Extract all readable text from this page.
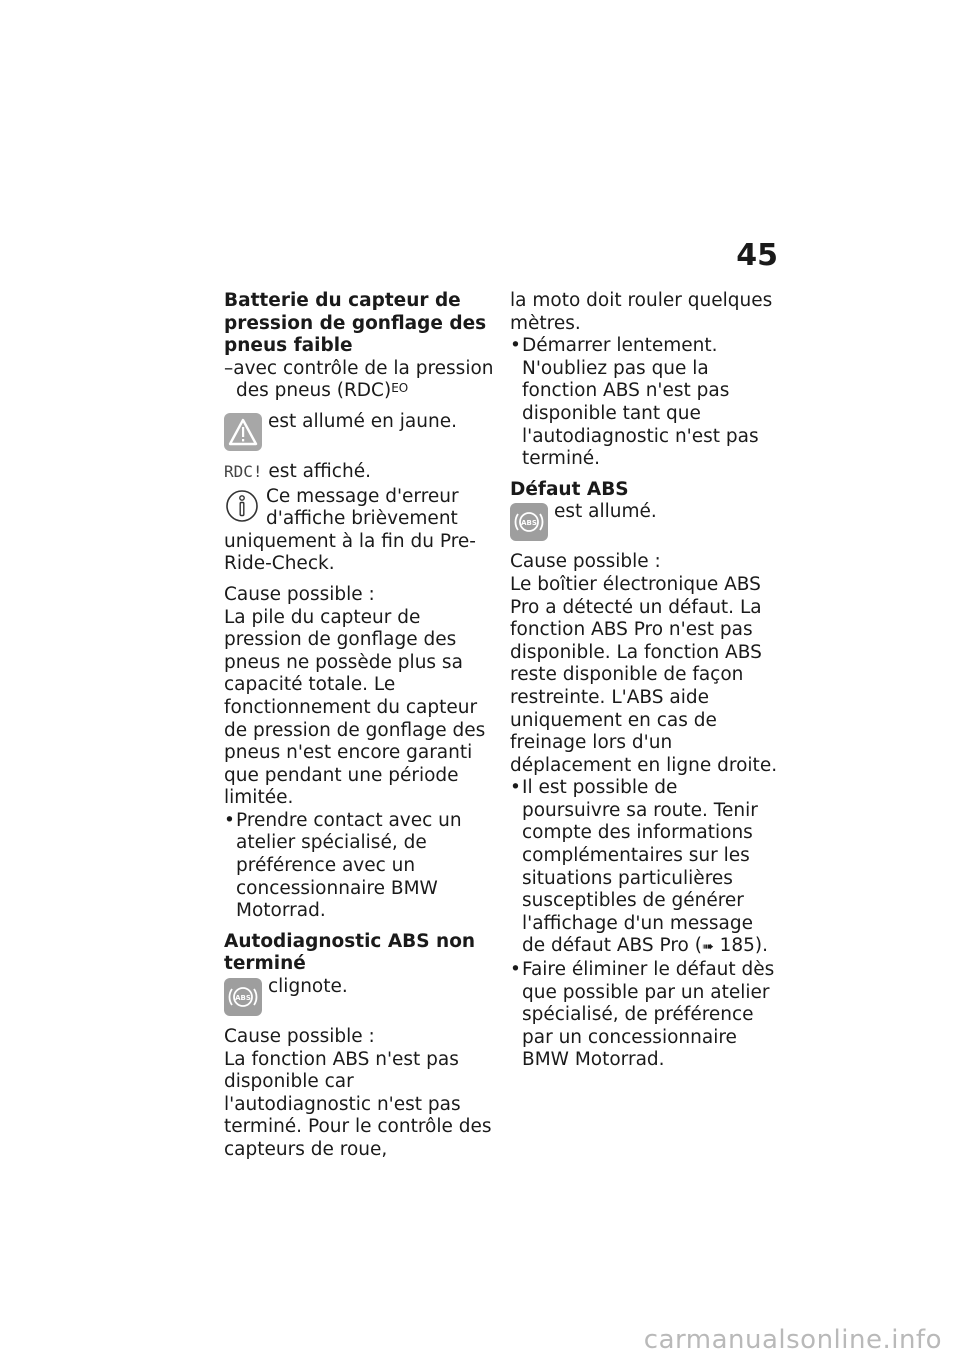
45

Batterie du capteur de pression de gonflage des pneus faible

–avec contrôle de la pression des pneus (RDC)$^{EO}$
est allumé en jaune.
RDC! est affiché.
Ce message d'erreur d'affiche brièvement uniquement à la fin du Pre-Ride-Check.

Cause possible :

La pile du capteur de pression de gonflage des pneus ne possède plus sa capacité totale. Le fonctionnement du capteur de pression de gonflage des pneus n'est encore garanti que pendant une période limitée.

• Prendre contact avec un atelier spécialisé, de préférence avec un concessionnaire BMW Motorrad.

Autodiagnostic ABS non terminé

ABS
clignote.

Cause possible :

La fonction ABS n'est pas disponible car l'autodiagnostic n'est pas terminé. Pour le contrôle des capteurs de roue,

la moto doit rouler quelques mètres.

• Démarrer lentement. N'oubliez pas que la fonction ABS n'est pas disponible tant que l'autodiagnostic n'est pas terminé.

Défaut ABS

ABS
est allumé.

Cause possible :

Le boîtier électronique ABS Pro a détecté un défaut. La fonction ABS Pro n'est pas disponible. La fonction ABS reste disponible de façon restreinte. L'ABS aide uniquement en cas de freinage lors d'un déplacement en ligne droite.

• Il est possible de poursuivre sa route. Tenir compte des informations complémentaires sur les situations particulières susceptibles de générer l'affichage d'un message de défaut ABS Pro (➠ 185).
• Faire éliminer le défaut dès que possible par un atelier spécialisé, de préférence par un concessionnaire BMW Motorrad.
carmanualsonline.info
